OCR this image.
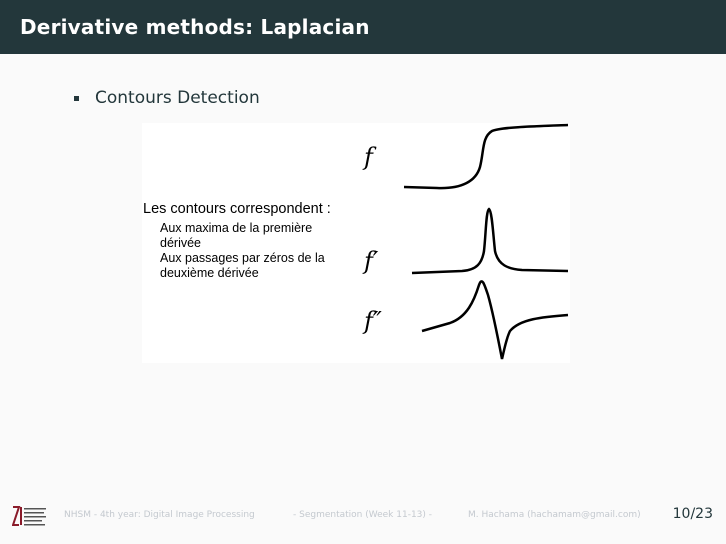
Derivative methods: Laplacian
Contours Detection
Les contours correspondent :
Aux maxima de la première dérivée
Aux passages par zéros de la deuxième dérivée
f
f′
f″
NHSM - 4th year: Digital Image Processing	- Segmentation (Week 11-13) -	M. Hachama (hachamam@gmail.com) 10/23
